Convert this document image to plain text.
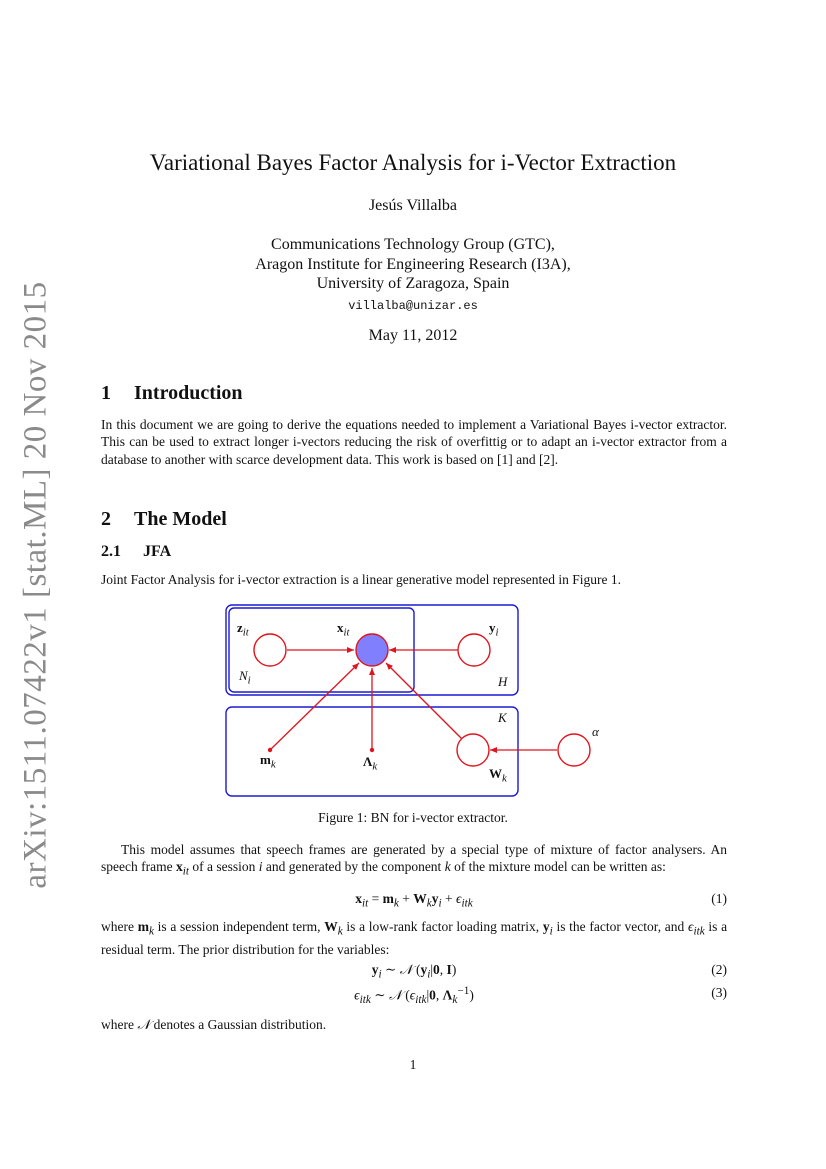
arXiv:1511.07422v1 [stat.ML] 20 Nov 2015
Variational Bayes Factor Analysis for i-Vector Extraction
Jesús Villalba
Communications Technology Group (GTC),
Aragon Institute for Engineering Research (I3A),
University of Zaragoza, Spain
villalba@unizar.es
May 11, 2012
1 Introduction
In this document we are going to derive the equations needed to implement a Variational Bayes i-vector extractor. This can be used to extract longer i-vectors reducing the risk of overfittig or to adapt an i-vector extractor from a database to another with scarce development data. This work is based on [1] and [2].
2 The Model
2.1 JFA
Joint Factor Analysis for i-vector extraction is a linear generative model represented in Figure 1.
$z_{it}$	$x_{it}$	$y_i$
$N_i$	H
K
$m_k$	$\Lambda_k$	$W_k$
α
Figure 1: BN for i-vector extractor.
This model assumes that speech frames are generated by a special type of mixture of factor analysers. An speech frame $x_{it}$ of a session i and generated by the component k of the mixture model can be written as:
$x_{it} = m_k + W_ky_i + \epsilon_{itk}$	(1)
where $m_k$ is a session independent term, $W_k$ is a low-rank factor loading matrix, $y_i$ is the factor vector, and $\epsilon_{itk}$ is a residual term. The prior distribution for the variables:
$y_i$ ∼ 𝒩 ($y_i|0$, I)	(2)
$\epsilon_{itk}$ ∼ 𝒩 ($\epsilon_{itk}|0$, $\Lambda_k^{-1}$)	(3)
where 𝒩 denotes a Gaussian distribution.
1
